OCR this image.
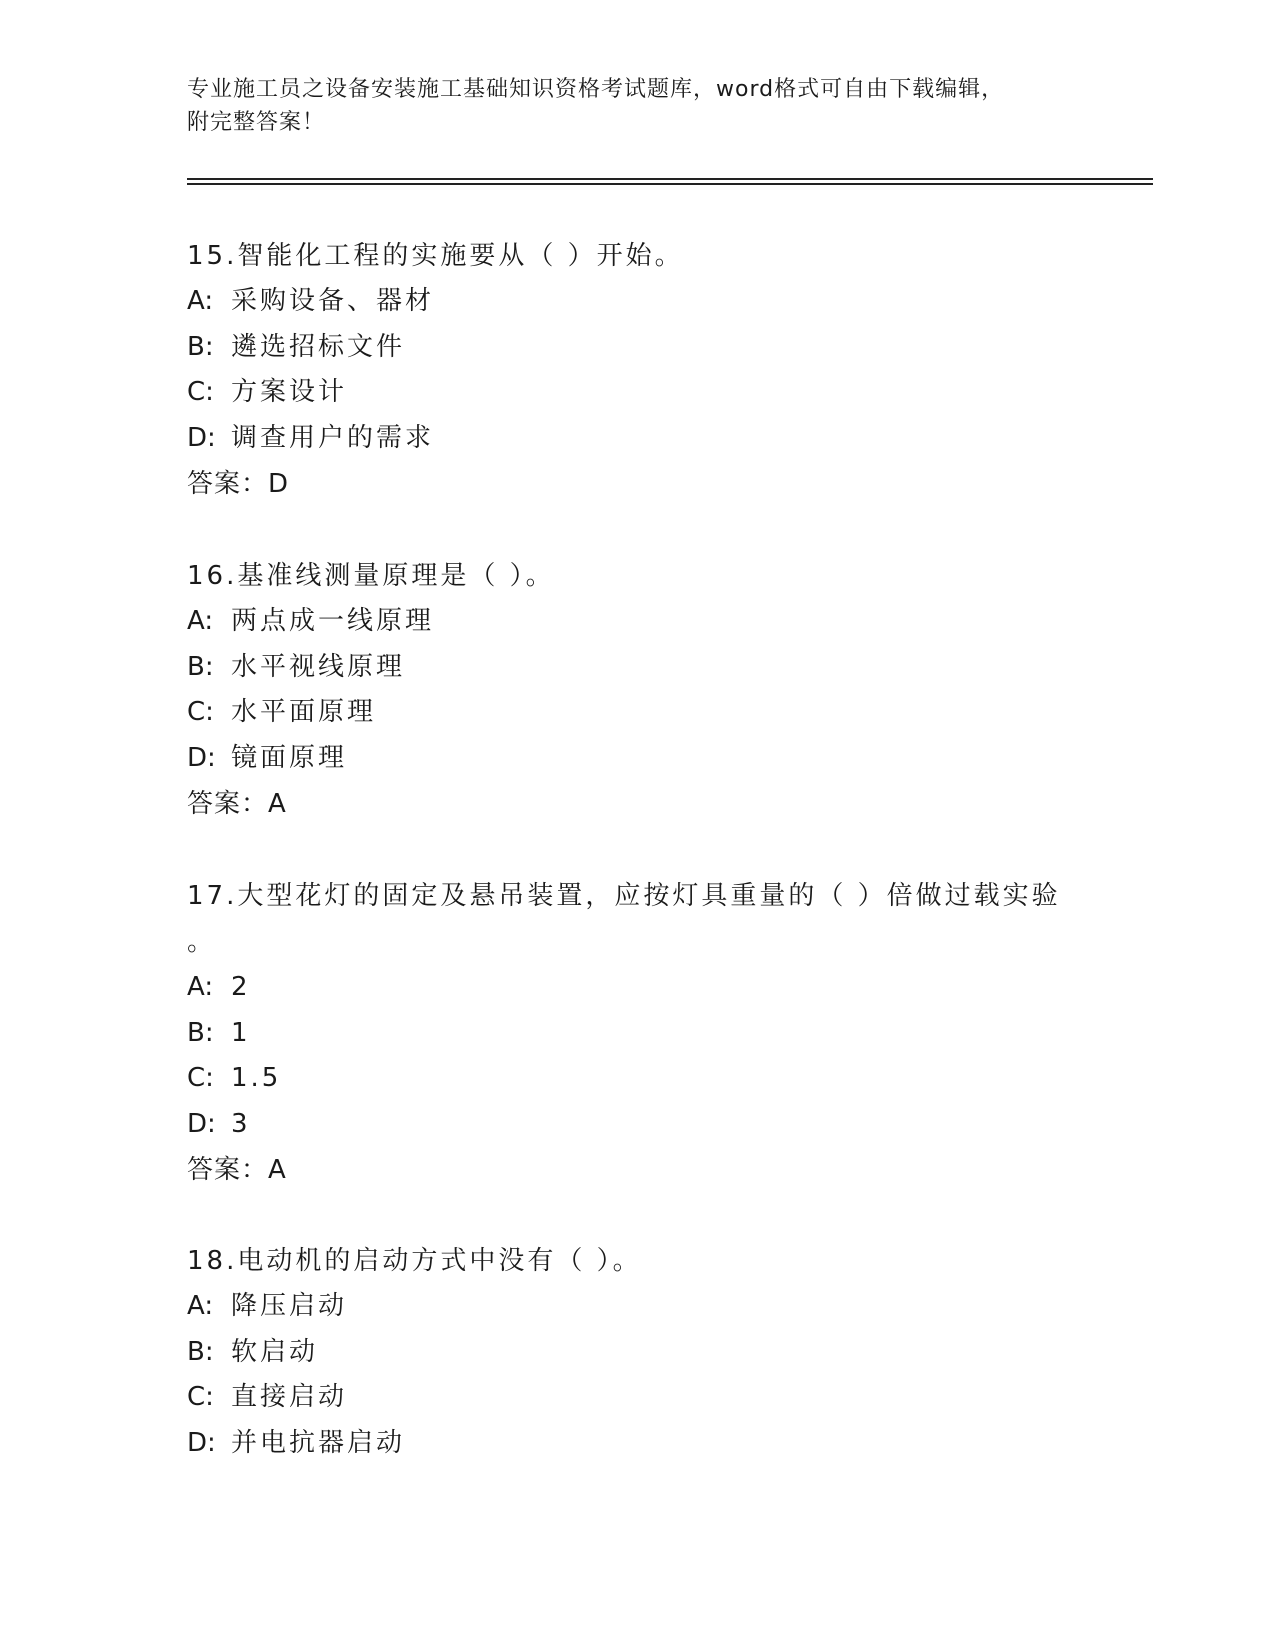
专业施工员之设备安装施工基础知识资格考试题库，word格式可自由下载编辑，
附完整答案！
15.智能化工程的实施要从（ ）开始。
A: 采购设备、器材
B: 遴选招标文件
C: 方案设计
D: 调查用户的需求
答案：D
16.基准线测量原理是（ ）。
A: 两点成一线原理
B: 水平视线原理
C: 水平面原理
D: 镜面原理
答案：A
17.大型花灯的固定及悬吊装置，应按灯具重量的（ ）倍做过载实验
。
A: 2
B: 1
C: 1.5
D: 3
答案：A
18.电动机的启动方式中没有（ ）。
A: 降压启动
B: 软启动
C: 直接启动
D: 并电抗器启动
